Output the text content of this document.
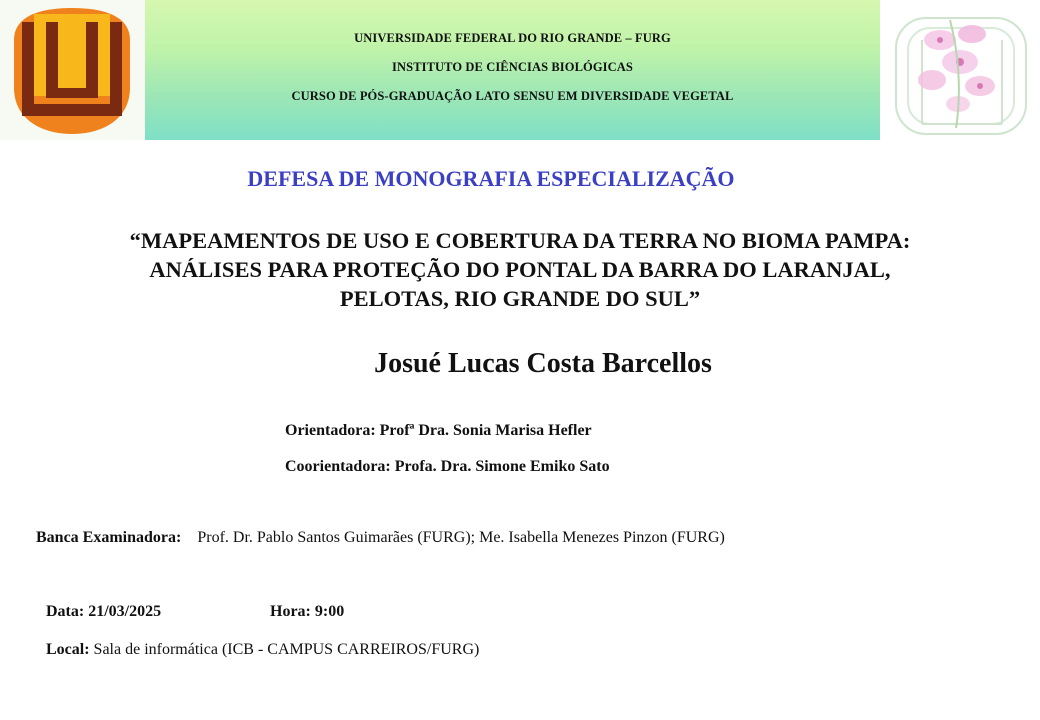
UNIVERSIDADE FEDERAL DO RIO GRANDE – FURG
INSTITUTO DE CIÊNCIAS BIOLÓGICAS
CURSO DE PÓS-GRADUAÇÃO LATO SENSU EM DIVERSIDADE VEGETAL
DEFESA DE MONOGRAFIA ESPECIALIZAÇÃO
“MAPEAMENTOS DE USO E COBERTURA DA TERRA NO BIOMA PAMPA:
ANÁLISES PARA PROTEÇÃO DO PONTAL DA BARRA DO LARANJAL,
PELOTAS, RIO GRANDE DO SUL”
Josué Lucas Costa Barcellos
Orientadora: Profª Dra. Sonia Marisa Hefler
Coorientadora: Profa. Dra. Simone Emiko Sato
Banca Examinadora: Prof. Dr. Pablo Santos Guimarães (FURG); Me. Isabella Menezes Pinzon (FURG)
Data: 21/03/2025	Hora: 9:00
Local: Sala de informática (ICB - CAMPUS CARREIROS/FURG)
